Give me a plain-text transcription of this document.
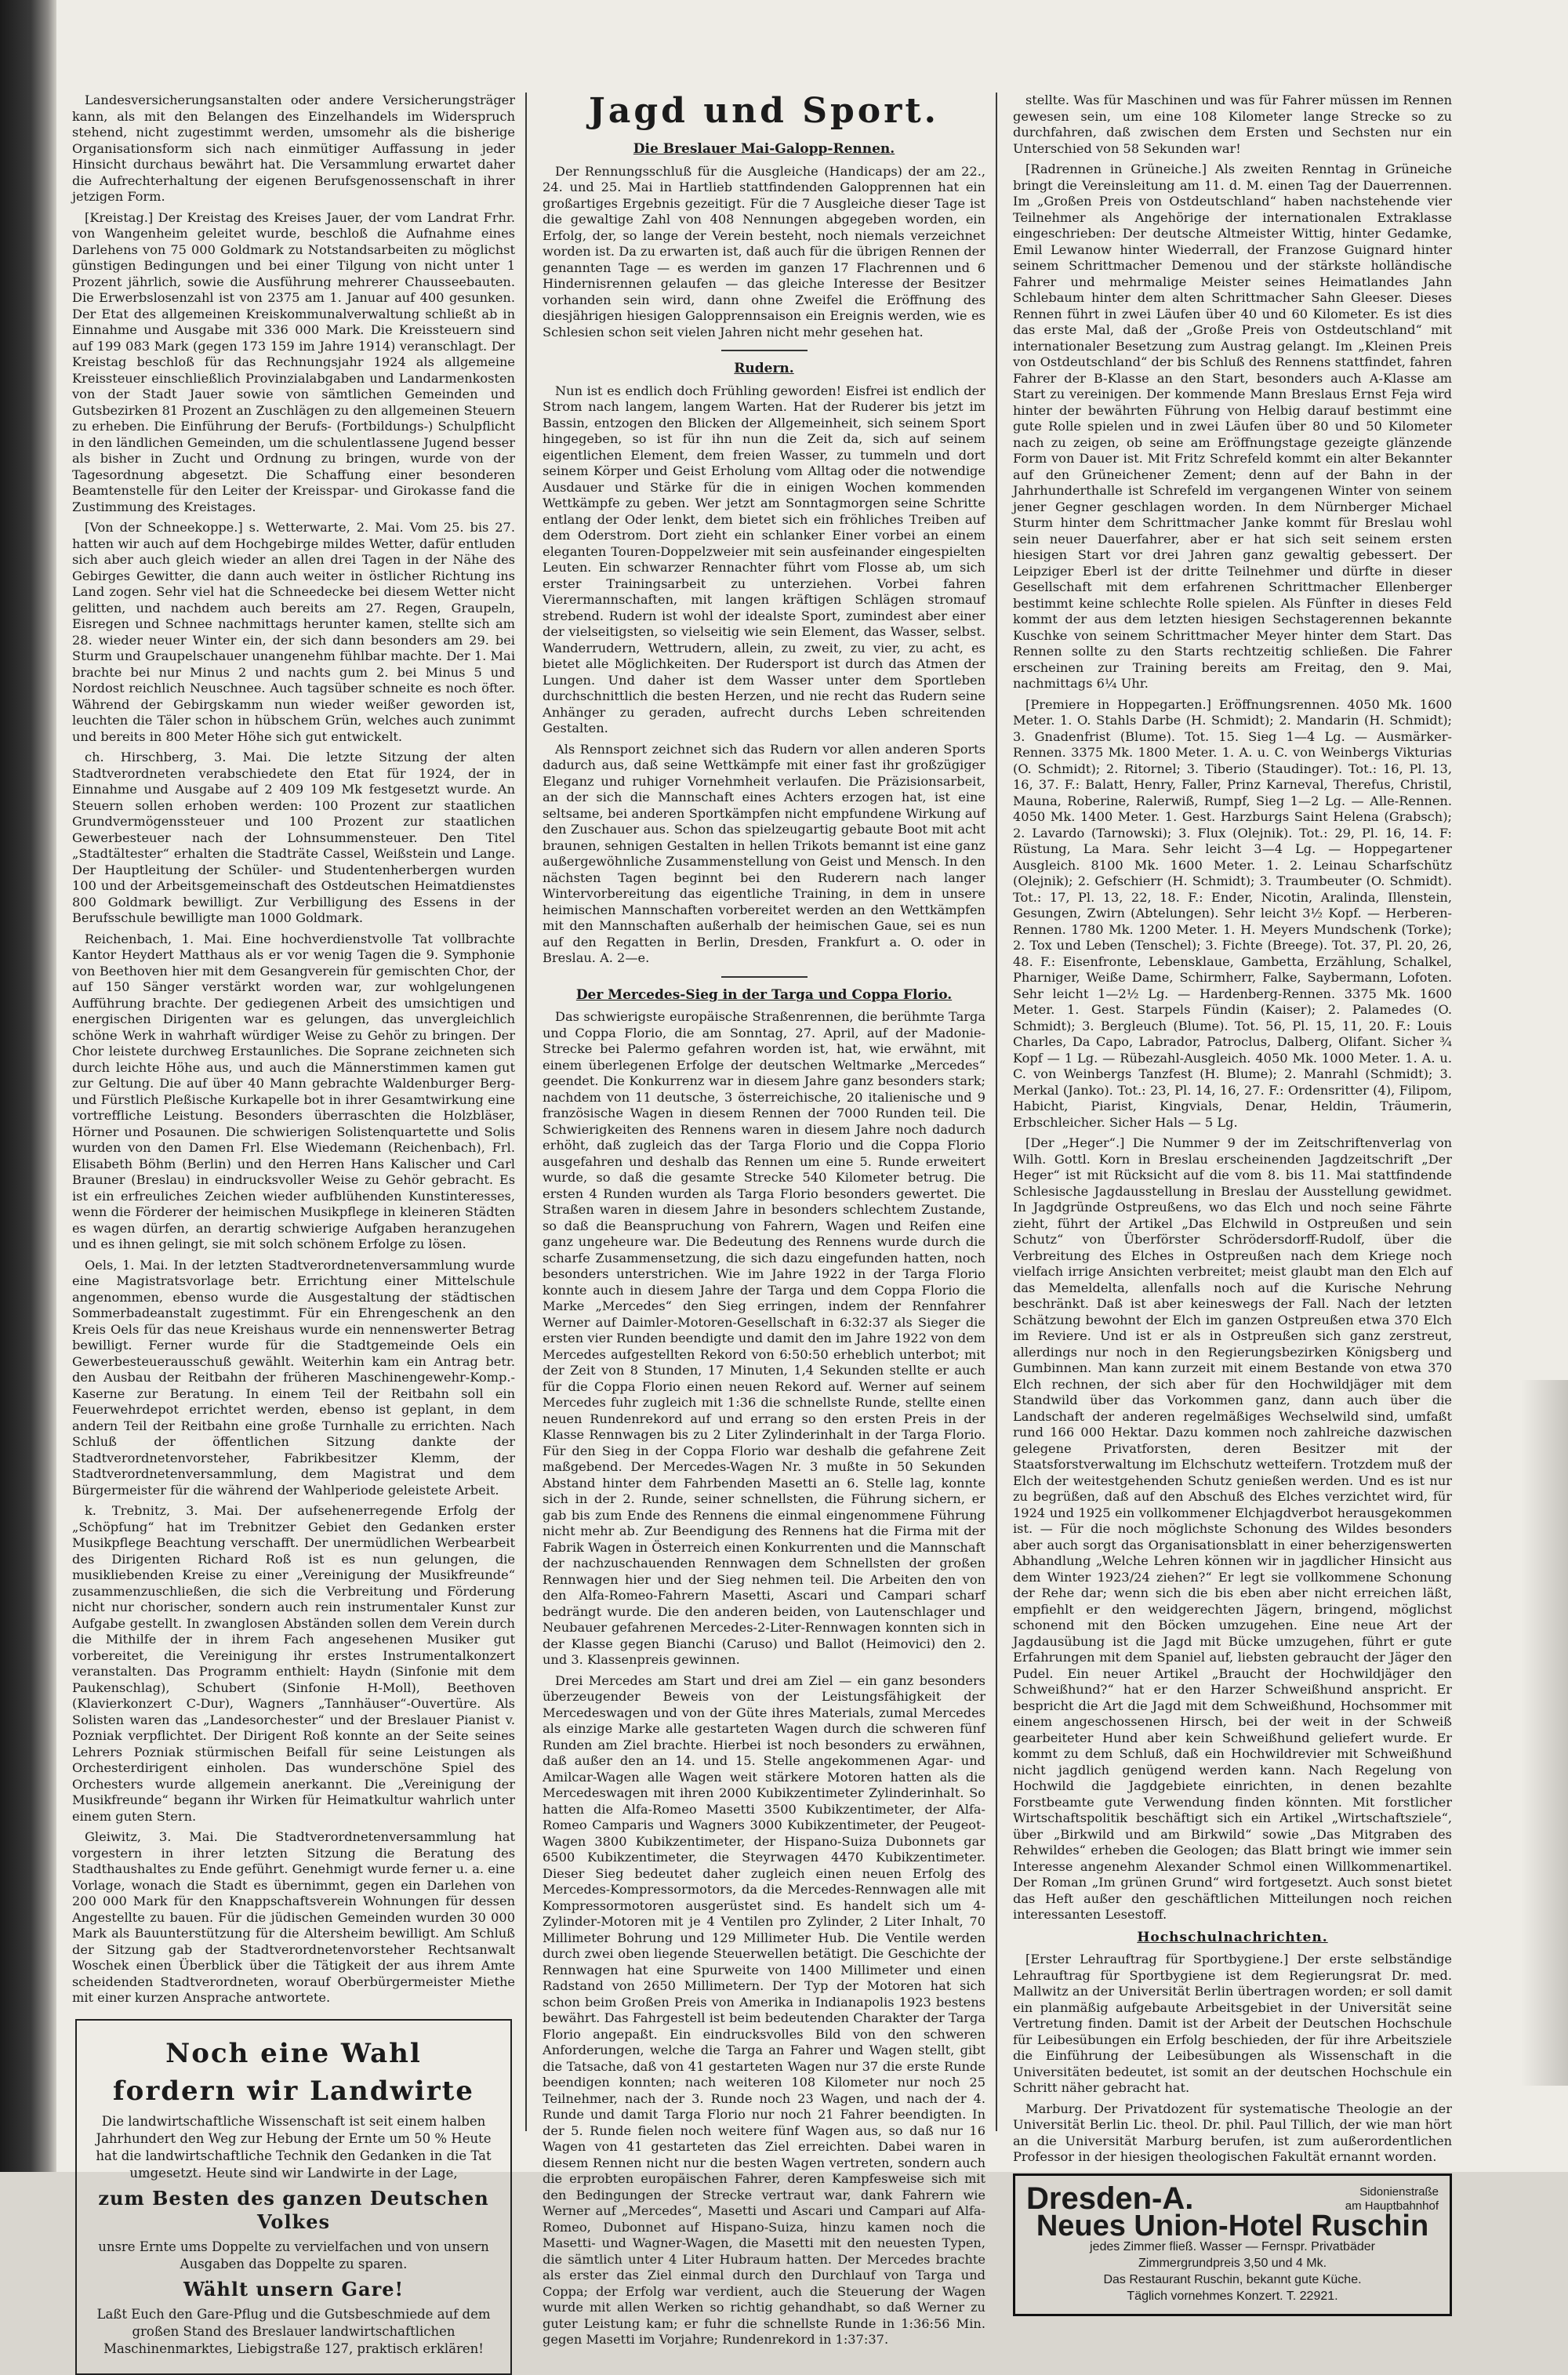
Landesversicherungsanstalten oder andere Versicherungsträger kann, als mit den Belangen des Einzelhandels im Widerspruch stehend, nicht zugestimmt werden, umsomehr als die bisherige Organisationsform sich nach einmütiger Auffassung in jeder Hinsicht durchaus bewährt hat. Die Versammlung erwartet daher die Aufrechterhaltung der eigenen Berufsgenossenschaft in ihrer jetzigen Form.

[Kreistag.] Der Kreistag des Kreises Jauer, der vom Landrat Frhr. von Wangenheim geleitet wurde, beschloß die Aufnahme eines Darlehens von 75 000 Goldmark zu Notstandsarbeiten zu möglichst günstigen Bedingungen und bei einer Tilgung von nicht unter 1 Prozent jährlich, sowie die Ausführung mehrerer Chausseebauten. Die Erwerbslosenzahl ist von 2375 am 1. Januar auf 400 gesunken. Der Etat des allgemeinen Kreiskommunalverwaltung schließt ab in Einnahme und Ausgabe mit 336 000 Mark. Die Kreissteuern sind auf 199 083 Mark (gegen 173 159 im Jahre 1914) veranschlagt. Der Kreistag beschloß für das Rechnungsjahr 1924 als allgemeine Kreissteuer einschließlich Provinzialabgaben und Landarmenkosten von der Stadt Jauer sowie von sämtlichen Gemeinden und Gutsbezirken 81 Prozent an Zuschlägen zu den allgemeinen Steuern zu erheben. Die Einführung der Berufs- (Fortbildungs-) Schulpflicht in den ländlichen Gemeinden, um die schulentlassene Jugend besser als bisher in Zucht und Ordnung zu bringen, wurde von der Tagesordnung abgesetzt. Die Schaffung einer besonderen Beamtenstelle für den Leiter der Kreisspar- und Girokasse fand die Zustimmung des Kreistages.

[Von der Schneekoppe.] s. Wetterwarte, 2. Mai. Vom 25. bis 27. hatten wir auch auf dem Hochgebirge mildes Wetter, dafür entluden sich aber auch gleich wieder an allen drei Tagen in der Nähe des Gebirges Gewitter, die dann auch weiter in östlicher Richtung ins Land zogen. Sehr viel hat die Schneedecke bei diesem Wetter nicht gelitten, und nachdem auch bereits am 27. Regen, Graupeln, Eisregen und Schnee nachmittags herunter kamen, stellte sich am 28. wieder neuer Winter ein, der sich dann besonders am 29. bei Sturm und Graupelschauer unangenehm fühlbar machte. Der 1. Mai brachte bei nur Minus 2 und nachts gum 2. bei Minus 5 und Nordost reichlich Neuschnee. Auch tagsüber schneite es noch öfter. Während der Gebirgskamm nun wieder weißer geworden ist, leuchten die Täler schon in hübschem Grün, welches auch zunimmt und bereits in 800 Meter Höhe sich gut entwickelt.

ch. Hirschberg, 3. Mai. Die letzte Sitzung der alten Stadtverordneten verabschiedete den Etat für 1924, der in Einnahme und Ausgabe auf 2 409 109 Mk festgesetzt wurde. An Steuern sollen erhoben werden: 100 Prozent zur staatlichen Grundvermögenssteuer und 100 Prozent zur staatlichen Gewerbesteuer nach der Lohnsummensteuer. Den Titel „Stadtältester“ erhalten die Stadträte Cassel, Weißstein und Lange. Der Hauptleitung der Schüler- und Studentenherbergen wurden 100 und der Arbeitsgemeinschaft des Ostdeutschen Heimatdienstes 800 Goldmark bewilligt. Zur Verbilligung des Essens in der Berufsschule bewilligte man 1000 Goldmark.

Reichenbach, 1. Mai. Eine hochverdienstvolle Tat vollbrachte Kantor Heydert Matthaus als er vor wenig Tagen die 9. Symphonie von Beethoven hier mit dem Gesangverein für gemischten Chor, der auf 150 Sänger verstärkt worden war, zur wohlgelungenen Aufführung brachte. Der gediegenen Arbeit des umsichtigen und energischen Dirigenten war es gelungen, das unvergleichlich schöne Werk in wahrhaft würdiger Weise zu Gehör zu bringen. Der Chor leistete durchweg Erstaunliches. Die Soprane zeichneten sich durch leichte Höhe aus, und auch die Männerstimmen kamen gut zur Geltung. Die auf über 40 Mann gebrachte Waldenburger Berg- und Fürstlich Pleßische Kurkapelle bot in ihrer Gesamtwirkung eine vortreffliche Leistung. Besonders überraschten die Holzbläser, Hörner und Posaunen. Die schwierigen Solistenquartette und Solis wurden von den Damen Frl. Else Wiedemann (Reichenbach), Frl. Elisabeth Böhm (Berlin) und den Herren Hans Kalischer und Carl Brauner (Breslau) in eindrucksvoller Weise zu Gehör gebracht. Es ist ein erfreuliches Zeichen wieder aufblühenden Kunstinteresses, wenn die Förderer der heimischen Musikpflege in kleineren Städten es wagen dürfen, an derartig schwierige Aufgaben heranzugehen und es ihnen gelingt, sie mit solch schönem Erfolge zu lösen.

Oels, 1. Mai. In der letzten Stadtverordnetenversammlung wurde eine Magistratsvorlage betr. Errichtung einer Mittelschule angenommen, ebenso wurde die Ausgestaltung der städtischen Sommerbadeanstalt zugestimmt. Für ein Ehrengeschenk an den Kreis Oels für das neue Kreishaus wurde ein nennenswerter Betrag bewilligt. Ferner wurde für die Stadtgemeinde Oels ein Gewerbesteuerausschuß gewählt. Weiterhin kam ein Antrag betr. den Ausbau der Reitbahn der früheren Maschinengewehr-Komp.-Kaserne zur Beratung. In einem Teil der Reitbahn soll ein Feuerwehrdepot errichtet werden, ebenso ist geplant, in dem andern Teil der Reitbahn eine große Turnhalle zu errichten. Nach Schluß der öffentlichen Sitzung dankte der Stadtverordnetenvorsteher, Fabrikbesitzer Klemm, der Stadtverordnetenversammlung, dem Magistrat und dem Bürgermeister für die während der Wahlperiode geleistete Arbeit.

k. Trebnitz, 3. Mai. Der aufsehenerregende Erfolg der „Schöpfung“ hat im Trebnitzer Gebiet den Gedanken erster Musikpflege Beachtung verschafft. Der unermüdlichen Werbearbeit des Dirigenten Richard Roß ist es nun gelungen, die musikliebenden Kreise zu einer „Vereinigung der Musikfreunde“ zusammenzuschließen, die sich die Verbreitung und Förderung nicht nur chorischer, sondern auch rein instrumentaler Kunst zur Aufgabe gestellt. In zwanglosen Abständen sollen dem Verein durch die Mithilfe der in ihrem Fach angesehenen Musiker gut vorbereitet, die Vereinigung ihr erstes Instrumentalkonzert veranstalten. Das Programm enthielt: Haydn (Sinfonie mit dem Paukenschlag), Schubert (Sinfonie H-Moll), Beethoven (Klavierkonzert C-Dur), Wagners „Tannhäuser“-Ouvertüre. Als Solisten waren das „Landesorchester“ und der Breslauer Pianist v. Pozniak verpflichtet. Der Dirigent Roß konnte an der Seite seines Lehrers Pozniak stürmischen Beifall für seine Leistungen als Orchesterdirigent einholen. Das wunderschöne Spiel des Orchesters wurde allgemein anerkannt. Die „Vereinigung der Musikfreunde“ begann ihr Wirken für Heimatkultur wahrlich unter einem guten Stern.

Gleiwitz, 3. Mai. Die Stadtverordnetenversammlung hat vorgestern in ihrer letzten Sitzung die Beratung des Stadthaushaltes zu Ende geführt. Genehmigt wurde ferner u. a. eine Vorlage, wonach die Stadt es übernimmt, gegen ein Darlehen von 200 000 Mark für den Knappschaftsverein Wohnungen für dessen Angestellte zu bauen. Für die jüdischen Gemeinden wurden 30 000 Mark als Bauunterstützung für die Altersheim bewilligt. Am Schluß der Sitzung gab der Stadtverordnetenvorsteher Rechtsanwalt Woschek einen Überblick über die Tätigkeit der aus ihrem Amte scheidenden Stadtverordneten, worauf Oberbürgermeister Miethe mit einer kurzen Ansprache antwortete.

Noch eine Wahl
fordern wir Landwirte
Die landwirtschaftliche Wissenschaft ist seit einem halben Jahrhundert den Weg zur Hebung der Ernte um 50 % Heute hat die landwirtschaftliche Technik den Gedanken in die Tat umgesetzt. Heute sind wir Landwirte in der Lage,
zum Besten des ganzen Deutschen Volkes
unsre Ernte ums Doppelte zu vervielfachen und von unsern Ausgaben das Doppelte zu sparen.
Wählt unsern Gare!
Laßt Euch den Gare-Pflug und die Gutsbeschmiede auf dem großen Stand des Breslauer landwirtschaftlichen Maschinenmarktes, Liebigstraße 127, praktisch erklären!
Jagd und Sport.
Die Breslauer Mai-Galopp-Rennen.

Der Rennungsschluß für die Ausgleiche (Handicaps) der am 22., 24. und 25. Mai in Hartlieb stattfindenden Galopprennen hat ein großartiges Ergebnis gezeitigt. Für die 7 Ausgleiche dieser Tage ist die gewaltige Zahl von 408 Nennungen abgegeben worden, ein Erfolg, der, so lange der Verein besteht, noch niemals verzeichnet worden ist. Da zu erwarten ist, daß auch für die übrigen Rennen der genannten Tage — es werden im ganzen 17 Flachrennen und 6 Hindernisrennen gelaufen — das gleiche Interesse der Besitzer vorhanden sein wird, dann ohne Zweifel die Eröffnung des diesjährigen hiesigen Galopprennsaison ein Ereignis werden, wie es Schlesien schon seit vielen Jahren nicht mehr gesehen hat.

Rudern.

Nun ist es endlich doch Frühling geworden! Eisfrei ist endlich der Strom nach langem, langem Warten. Hat der Ruderer bis jetzt im Bassin, entzogen den Blicken der Allgemeinheit, sich seinem Sport hingegeben, so ist für ihn nun die Zeit da, sich auf seinem eigentlichen Element, dem freien Wasser, zu tummeln und dort seinem Körper und Geist Erholung vom Alltag oder die notwendige Ausdauer und Stärke für die in einigen Wochen kommenden Wettkämpfe zu geben. Wer jetzt am Sonntagmorgen seine Schritte entlang der Oder lenkt, dem bietet sich ein fröhliches Treiben auf dem Oderstrom. Dort zieht ein schlanker Einer vorbei an einem eleganten Touren-Doppelzweier mit sein ausfeinander eingespielten Leuten. Ein schwarzer Rennachter führt vom Flosse ab, um sich erster Trainingsarbeit zu unterziehen. Vorbei fahren Vierermannschaften, mit langen kräftigen Schlägen stromauf strebend. Rudern ist wohl der idealste Sport, zumindest aber einer der vielseitigsten, so vielseitig wie sein Element, das Wasser, selbst. Wanderrudern, Wettrudern, allein, zu zweit, zu vier, zu acht, es bietet alle Möglichkeiten. Der Rudersport ist durch das Atmen der Lungen. Und daher ist dem Wasser unter dem Sportleben durchschnittlich die besten Herzen, und nie recht das Rudern seine Anhänger zu geraden, aufrecht durchs Leben schreitenden Gestalten.

Als Rennsport zeichnet sich das Rudern vor allen anderen Sports dadurch aus, daß seine Wettkämpfe mit einer fast ihr großzügiger Eleganz und ruhiger Vornehmheit verlaufen. Die Präzisionsarbeit, an der sich die Mannschaft eines Achters erzogen hat, ist eine seltsame, bei anderen Sportkämpfen nicht empfundene Wirkung auf den Zuschauer aus. Schon das spielzeugartig gebaute Boot mit acht braunen, sehnigen Gestalten in hellen Trikots bemannt ist eine ganz außergewöhnliche Zusammenstellung von Geist und Mensch. In den nächsten Tagen beginnt bei den Ruderern nach langer Wintervorbereitung das eigentliche Training, in dem in unsere heimischen Mannschaften vorbereitet werden an den Wettkämpfen mit den Mannschaften außerhalb der heimischen Gaue, sei es nun auf den Regatten in Berlin, Dresden, Frankfurt a. O. oder in Breslau. A. 2—e.

Der Mercedes-Sieg in der Targa und Coppa Florio.

Das schwierigste europäische Straßenrennen, die berühmte Targa und Coppa Florio, die am Sonntag, 27. April, auf der Madonie-Strecke bei Palermo gefahren worden ist, hat, wie erwähnt, mit einem überlegenen Erfolge der deutschen Weltmarke „Mercedes“ geendet. Die Konkurrenz war in diesem Jahre ganz besonders stark; nachdem von 11 deutsche, 3 österreichische, 20 italienische und 9 französische Wagen in diesem Rennen der 7000 Runden teil. Die Schwierigkeiten des Rennens waren in diesem Jahre noch dadurch erhöht, daß zugleich das der Targa Florio und die Coppa Florio ausgefahren und deshalb das Rennen um eine 5. Runde erweitert wurde, so daß die gesamte Strecke 540 Kilometer betrug. Die ersten 4 Runden wurden als Targa Florio besonders gewertet. Die Straßen waren in diesem Jahre in besonders schlechtem Zustande, so daß die Beanspruchung von Fahrern, Wagen und Reifen eine ganz ungeheure war. Die Bedeutung des Rennens wurde durch die scharfe Zusammensetzung, die sich dazu eingefunden hatten, noch besonders unterstrichen. Wie im Jahre 1922 in der Targa Florio konnte auch in diesem Jahre der Targa und dem Coppa Florio die Marke „Mercedes“ den Sieg erringen, indem der Rennfahrer Werner auf Daimler-Motoren-Gesellschaft in 6:32:37 als Sieger die ersten vier Runden beendigte und damit den im Jahre 1922 von dem Mercedes aufgestellten Rekord von 6:50:50 erheblich unterbot; mit der Zeit von 8 Stunden, 17 Minuten, 1,4 Sekunden stellte er auch für die Coppa Florio einen neuen Rekord auf. Werner auf seinem Mercedes fuhr zugleich mit 1:36 die schnellste Runde, stellte einen neuen Rundenrekord auf und errang so den ersten Preis in der Klasse Rennwagen bis zu 2 Liter Zylinderinhalt in der Targa Florio. Für den Sieg in der Coppa Florio war deshalb die gefahrene Zeit maßgebend. Der Mercedes-Wagen Nr. 3 mußte in 50 Sekunden Abstand hinter dem Fahrbenden Masetti an 6. Stelle lag, konnte sich in der 2. Runde, seiner schnellsten, die Führung sichern, er gab bis zum Ende des Rennens die einmal eingenommene Führung nicht mehr ab. Zur Beendigung des Rennens hat die Firma mit der Fabrik Wagen in Österreich einen Konkurrenten und die Mannschaft der nachzuschauenden Rennwagen dem Schnellsten der großen Rennwagen hier und der Sieg nehmen teil. Die Arbeiten den von den Alfa-Romeo-Fahrern Masetti, Ascari und Campari scharf bedrängt wurde. Die den anderen beiden, von Lautenschlager und Neubauer gefahrenen Mercedes-2-Liter-Rennwagen konnten sich in der Klasse gegen Bianchi (Caruso) und Ballot (Heimovici) den 2. und 3. Klassenpreis gewinnen.

Drei Mercedes am Start und drei am Ziel — ein ganz besonders überzeugender Beweis von der Leistungsfähigkeit der Mercedeswagen und von der Güte ihres Materials, zumal Mercedes als einzige Marke alle gestarteten Wagen durch die schweren fünf Runden am Ziel brachte. Hierbei ist noch besonders zu erwähnen, daß außer den an 14. und 15. Stelle angekommenen Agar- und Amilcar-Wagen alle Wagen weit stärkere Motoren hatten als die Mercedeswagen mit ihren 2000 Kubikzentimeter Zylinderinhalt. So hatten die Alfa-Romeo Masetti 3500 Kubikzentimeter, der Alfa-Romeo Camparis und Wagners 3000 Kubikzentimeter, der Peugeot-Wagen 3800 Kubikzentimeter, der Hispano-Suiza Dubonnets gar 6500 Kubikzentimeter, die Steyrwagen 4470 Kubikzentimeter. Dieser Sieg bedeutet daher zugleich einen neuen Erfolg des Mercedes-Kompressormotors, da die Mercedes-Rennwagen alle mit Kompressormotoren ausgerüstet sind. Es handelt sich um 4-Zylinder-Motoren mit je 4 Ventilen pro Zylinder, 2 Liter Inhalt, 70 Millimeter Bohrung und 129 Millimeter Hub. Die Ventile werden durch zwei oben liegende Steuerwellen betätigt. Die Geschichte der Rennwagen hat eine Spurweite von 1400 Millimeter und einen Radstand von 2650 Millimetern. Der Typ der Motoren hat sich schon beim Großen Preis von Amerika in Indianapolis 1923 bestens bewährt. Das Fahrgestell ist beim bedeutenden Charakter der Targa Florio angepaßt. Ein eindrucksvolles Bild von den schweren Anforderungen, welche die Targa an Fahrer und Wagen stellt, gibt die Tatsache, daß von 41 gestarteten Wagen nur 37 die erste Runde beendigen konnten; nach weiteren 108 Kilometer nur noch 25 Teilnehmer, nach der 3. Runde noch 23 Wagen, und nach der 4. Runde und damit Targa Florio nur noch 21 Fahrer beendigten. In der 5. Runde fielen noch weitere fünf Wagen aus, so daß nur 16 Wagen von 41 gestarteten das Ziel erreichten. Dabei waren in diesem Rennen nicht nur die besten Wagen vertreten, sondern auch die erprobten europäischen Fahrer, deren Kampfesweise sich mit den Bedingungen der Strecke vertraut war, dank Fahrern wie Werner auf „Mercedes“, Masetti und Ascari und Campari auf Alfa-Romeo, Dubonnet auf Hispano-Suiza, hinzu kamen noch die Masetti- und Wagner-Wagen, die Masetti mit den neuesten Typen, die sämtlich unter 4 Liter Hubraum hatten. Der Mercedes brachte als erster das Ziel einmal durch den Durchlauf von Targa und Coppa; der Erfolg war verdient, auch die Steuerung der Wagen wurde mit allen Werken so richtig gehandhabt, so daß Werner zu guter Leistung kam; er fuhr die schnellste Runde in 1:36:56 Min. gegen Masetti im Vorjahre; Rundenrekord in 1:37:37.

stellte. Was für Maschinen und was für Fahrer müssen im Rennen gewesen sein, um eine 108 Kilometer lange Strecke so zu durchfahren, daß zwischen dem Ersten und Sechsten nur ein Unterschied von 58 Sekunden war!

[Radrennen in Grüneiche.] Als zweiten Renntag in Grüneiche bringt die Vereinsleitung am 11. d. M. einen Tag der Dauerrennen. Im „Großen Preis von Ostdeutschland“ haben nachstehende vier Teilnehmer als Angehörige der internationalen Extraklasse eingeschrieben: Der deutsche Altmeister Wittig, hinter Gedamke, Emil Lewanow hinter Wiederrall, der Franzose Guignard hinter seinem Schrittmacher Demenou und der stärkste holländische Fahrer und mehrmalige Meister seines Heimatlandes Jahn Schlebaum hinter dem alten Schrittmacher Sahn Gleeser. Dieses Rennen führt in zwei Läufen über 40 und 60 Kilometer. Es ist dies das erste Mal, daß der „Große Preis von Ostdeutschland“ mit internationaler Besetzung zum Austrag gelangt. Im „Kleinen Preis von Ostdeutschland“ der bis Schluß des Rennens stattfindet, fahren Fahrer der B-Klasse an den Start, besonders auch A-Klasse am Start zu vereinigen. Der kommende Mann Breslaus Ernst Feja wird hinter der bewährten Führung von Helbig darauf bestimmt eine gute Rolle spielen und in zwei Läufen über 80 und 50 Kilometer nach zu zeigen, ob seine am Eröffnungstage gezeigte glänzende Form von Dauer ist. Mit Fritz Schrefeld kommt ein alter Bekannter auf den Grüneichener Zement; denn auf der Bahn in der Jahrhunderthalle ist Schrefeld im vergangenen Winter von seinem jener Gegner geschlagen worden. In dem Nürnberger Michael Sturm hinter dem Schrittmacher Janke kommt für Breslau wohl sein neuer Dauerfahrer, aber er hat sich seit seinem ersten hiesigen Start vor drei Jahren ganz gewaltig gebessert. Der Leipziger Eberl ist der dritte Teilnehmer und dürfte in dieser Gesellschaft mit dem erfahrenen Schrittmacher Ellenberger bestimmt keine schlechte Rolle spielen. Als Fünfter in dieses Feld kommt der aus dem letzten hiesigen Sechstagerennen bekannte Kuschke von seinem Schrittmacher Meyer hinter dem Start. Das Rennen sollte zu den Starts rechtzeitig schließen. Die Fahrer erscheinen zur Training bereits am Freitag, den 9. Mai, nachmittags 6¼ Uhr.

[Premiere in Hoppegarten.] Eröffnungsrennen. 4050 Mk. 1600 Meter. 1. O. Stahls Darbe (H. Schmidt); 2. Mandarin (H. Schmidt); 3. Gnadenfrist (Blume). Tot. 15. Sieg 1—4 Lg. — Ausmärker-Rennen. 3375 Mk. 1800 Meter. 1. A. u. C. von Weinbergs Vikturias (O. Schmidt); 2. Ritornel; 3. Tiberio (Staudinger). Tot.: 16, Pl. 13, 16, 37. F.: Balatt, Henry, Faller, Prinz Karneval, Therefus, Christil, Mauna, Roberine, Ralerwiß, Rumpf, Sieg 1—2 Lg. — Alle-Rennen. 4050 Mk. 1400 Meter. 1. Gest. Harzburgs Saint Helena (Grabsch); 2. Lavardo (Tarnowski); 3. Flux (Olejnik). Tot.: 29, Pl. 16, 14. F: Rüstung, La Mara. Sehr leicht 3—4 Lg. — Hoppegartener Ausgleich. 8100 Mk. 1600 Meter. 1. 2. Leinau Scharfschütz (Olejnik); 2. Gefschierr (H. Schmidt); 3. Traumbeuter (O. Schmidt). Tot.: 17, Pl. 13, 22, 18. F.: Ender, Nicotin, Aralinda, Illenstein, Gesungen, Zwirn (Abtelungen). Sehr leicht 3½ Kopf. — Herberen-Rennen. 1780 Mk. 1200 Meter. 1. H. Meyers Mundschenk (Torke); 2. Tox und Leben (Tenschel); 3. Fichte (Breege). Tot. 37, Pl. 20, 26, 48. F.: Eisenfronte, Lebensklaue, Gambetta, Erzählung, Schalkel, Pharniger, Weiße Dame, Schirmherr, Falke, Saybermann, Lofoten. Sehr leicht 1—2½ Lg. — Hardenberg-Rennen. 3375 Mk. 1600 Meter. 1. Gest. Starpels Fündin (Kaiser); 2. Palamedes (O. Schmidt); 3. Bergleuch (Blume). Tot. 56, Pl. 15, 11, 20. F.: Louis Charles, Da Capo, Labrador, Patroclus, Dalberg, Olifant. Sicher ¾ Kopf — 1 Lg. — Rübezahl-Ausgleich. 4050 Mk. 1000 Meter. 1. A. u. C. von Weinbergs Tanzfest (H. Blume); 2. Manrahl (Schmidt); 3. Merkal (Janko). Tot.: 23, Pl. 14, 16, 27. F.: Ordensritter (4), Filipom, Habicht, Piarist, Kingvials, Denar, Heldin, Träumerin, Erbschleicher. Sicher Hals — 5 Lg.

[Der „Heger“.] Die Nummer 9 der im Zeitschriftenverlag von Wilh. Gottl. Korn in Breslau erscheinenden Jagdzeitschrift „Der Heger“ ist mit Rücksicht auf die vom 8. bis 11. Mai stattfindende Schlesische Jagdausstellung in Breslau der Ausstellung gewidmet. In Jagdgründe Ostpreußens, wo das Elch und noch seine Fährte zieht, führt der Artikel „Das Elchwild in Ostpreußen und sein Schutz“ von Überförster Schrödersdorff-Rudolf, über die Verbreitung des Elches in Ostpreußen nach dem Kriege noch vielfach irrige Ansichten verbreitet; meist glaubt man den Elch auf das Memeldelta, allenfalls noch auf die Kurische Nehrung beschränkt. Daß ist aber keineswegs der Fall. Nach der letzten Schätzung bewohnt der Elch im ganzen Ostpreußen etwa 370 Elch im Reviere. Und ist er als in Ostpreußen sich ganz zerstreut, allerdings nur noch in den Regierungsbezirken Königsberg und Gumbinnen. Man kann zurzeit mit einem Bestande von etwa 370 Elch rechnen, der sich aber für den Hochwildjäger mit dem Standwild über das Vorkommen ganz, dann auch über die Landschaft der anderen regelmäßiges Wechselwild sind, umfaßt rund 166 000 Hektar. Dazu kommen noch zahlreiche dazwischen gelegene Privatforsten, deren Besitzer mit der Staatsforstverwaltung im Elchschutz wetteifern. Trotzdem muß der Elch der weitestgehenden Schutz genießen werden. Und es ist nur zu begrüßen, daß auf den Abschuß des Elches verzichtet wird, für 1924 und 1925 ein vollkommener Elchjagdverbot herausgekommen ist. — Für die noch möglichste Schonung des Wildes besonders aber auch sorgt das Organisationsblatt in einer beherzigenswerten Abhandlung „Welche Lehren können wir in jagdlicher Hinsicht aus dem Winter 1923/24 ziehen?“ Er legt sie vollkommene Schonung der Rehe dar; wenn sich die bis eben aber nicht erreichen läßt, empfiehlt er den weidgerechten Jägern, bringend, möglichst schonend mit den Böcken umzugehen. Eine neue Art der Jagdausübung ist die Jagd mit Bücke umzugehen, führt er gute Erfahrungen mit dem Spaniel auf, liebsten gebraucht der Jäger den Pudel. Ein neuer Artikel „Braucht der Hochwildjäger den Schweißhund?“ hat er den Harzer Schweißhund anspricht. Er bespricht die Art die Jagd mit dem Schweißhund, Hochsommer mit einem angeschossenen Hirsch, bei der weit in der Schweiß gearbeiteter Hund aber kein Schweißhund geliefert wurde. Er kommt zu dem Schluß, daß ein Hochwildrevier mit Schweißhund nicht jagdlich genügend werden kann. Nach Regelung von Hochwild die Jagdgebiete einrichten, in denen bezahlte Forstbeamte gute Verwendung finden könnten. Mit forstlicher Wirtschaftspolitik beschäftigt sich ein Artikel „Wirtschaftsziele“, über „Birkwild und am Birkwild“ sowie „Das Mitgraben des Rehwildes“ erheben die Geologen; das Blatt bringt wie immer sein Interesse angenehm Alexander Schmol einen Willkommenartikel. Der Roman „Im grünen Grund“ wird fortgesetzt. Auch sonst bietet das Heft außer den geschäftlichen Mitteilungen noch reichen interessanten Lesestoff.

Hochschulnachrichten.

[Erster Lehrauftrag für Sportbygiene.] Der erste selbständige Lehrauftrag für Sportbygiene ist dem Regierungsrat Dr. med. Mallwitz an der Universität Berlin übertragen worden; er soll damit ein planmäßig aufgebaute Arbeitsgebiet in der Universität seine Vertretung finden. Damit ist der Arbeit der Deutschen Hochschule für Leibesübungen ein Erfolg beschieden, der für ihre Arbeitsziele die Einführung der Leibesübungen als Wissenschaft in die Universitäten bedeutet, ist somit an der deutschen Hochschule ein Schritt näher gebracht hat.

Marburg. Der Privatdozent für systematische Theologie an der Universität Berlin Lic. theol. Dr. phil. Paul Tillich, der wie man hört an die Universität Marburg berufen, ist zum außerordentlichen Professor in der hiesigen theologischen Fakultät ernannt worden.

Dresden-A.	Sidonienstraße
am Hauptbahnhof
Neues Union-Hotel Ruschin
jedes Zimmer fließ. Wasser — Fernspr. Privatbäder
Zimmergrundpreis 3,50 und 4 Mk.
Das Restaurant Ruschin, bekannt gute Küche.
Täglich vornehmes Konzert. T. 22921.
